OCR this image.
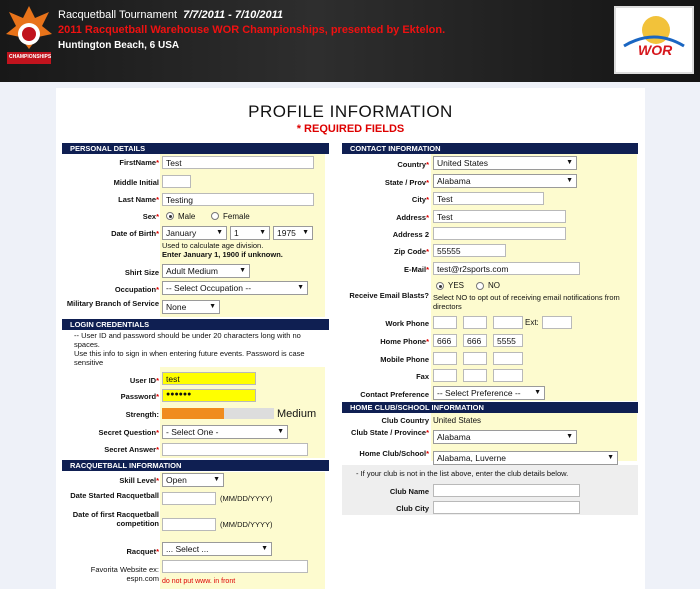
CHAMPIONSHIPS
Racquetball Tournament 7/7/2011 - 7/10/2011
2011 Racquetball Warehouse WOR Championships, presented by Ektelon.
Huntington Beach, 6 USA	WOR
PROFILE INFORMATION
* REQUIRED FIELDS
PERSONAL DETAILS
FirstName* Test
Middle Initial
Last Name* Testing
Sex* Male	Female
Date of Birth* January	▼	1	▼	1975 ▼
Used to calculate age division.
Enter January 1, 1900 if unknown.
Shirt Size Adult Medium	▼
Occupation* -- Select Occupation --	▼
Military Branch of Service None	▼
LOGIN CREDENTIALS
-- User ID and password should be under 20 characters long with no spaces.
Use this info to sign in when entering future events. Password is case sensitive
User ID* test
Password*	●●●●●●
Strength:	Medium
Secret Question* - Select One -	▼
Secret Answer*
RACQUETBALL INFORMATION
Skill Level* Open	▼
Date Started Racquetball	(MM/DD/YYYY)
Date of first Racquetball competition	(MM/DD/YYYY)
Racquet* ... Select ...	▼
Favorita Website ex: espn.com do not put www. in front
CONTACT INFORMATION
Country* United States	▼
State / Prov* Alabama	▼
City* Test
Address* Test
Address 2
Zip Code* 55555
E-Mail* test@r2sports.com
Receive Email Blasts?
YES	NO
Select NO to opt out of receiving email notifications from directors
Work Phone	Ext:
Home Phone* 666	666	5555
Mobile Phone
Fax
Contact Preference -- Select Preference -- ▼
HOME CLUB/SCHOOL INFORMATION
Club Country United States
Club State / Province* Alabama	▼
Home Club/School* Alabama, Luverne	▼
- If your club is not in the list above, enter the club details below.
Club Name
Club City
